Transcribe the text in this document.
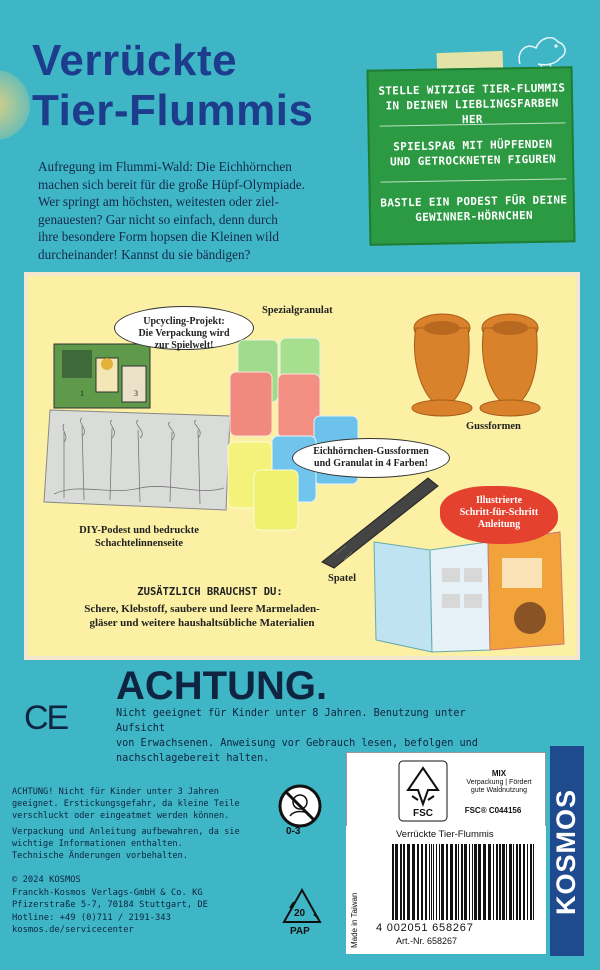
Verrückte
Tier-Flummis	STELLE WITZIGE TIER-FLUMMIS
IN DEINEN LIEBLINGSFARBEN HER
SPIELSPAß MIT HÜPFENDEN
UND GETROCKNETEN FIGUREN
BASTLE EIN PODEST FÜR DEINE
GEWINNER-HÖRNCHEN
Aufregung im Flummi-Wald: Die Eichhörnchen
machen sich bereit für die große Hüpf-Olympiade.
Wer springt am höchsten, weitesten oder ziel-
genauesten? Gar nicht so einfach, denn durch
ihre besondere Form hopsen die Kleinen wild
durcheinander! Kannst du sie bändigen?
1	3
Upcycling-Projekt:
Die Verpackung wird
zur Spielwelt!
DIY-Podest und bedruckte
Schachtelinnenseite
Spezialgranulat
Gussformen
Eichhörnchen-Gussformen
und Granulat in 4 Farben!
Spatel
Illustrierte
Schritt-für-Schritt
Anleitung
ZUSÄTZLICH BRAUCHST DU:
Schere, Klebstoff, saubere und leere Marmeladen-
gläser und weitere haushaltsübliche Materialien
CE
ACHTUNG.
Nicht geeignet für Kinder unter 8 Jahren. Benutzung unter Aufsicht
von Erwachsenen. Anweisung vor Gebrauch lesen, befolgen und
nachschlagebereit halten.
ACHTUNG! Nicht für Kinder unter 3 Jahren
geeignet. Erstickungsgefahr, da kleine Teile
verschluckt oder eingeatmet werden können.
Verpackung und Anleitung aufbewahren, da sie
wichtige Informationen enthalten.
Technische Änderungen vorbehalten.
0-3
© 2024 KOSMOS
Franckh-Kosmos Verlags-GmbH & Co. KG
Pfizerstraße 5-7, 70184 Stuttgart, DE
Hotline: +49 (0)711 / 2191-343
kosmos.de/servicecenter
20
PAP
FSC
MIX
Verpackung | Fördert
gute Waldnutzung
FSC® C044156
Verrückte Tier-Flummis
Made in Taiwan	4 002051 658267
Art.-Nr. 658267
KOSMOS
